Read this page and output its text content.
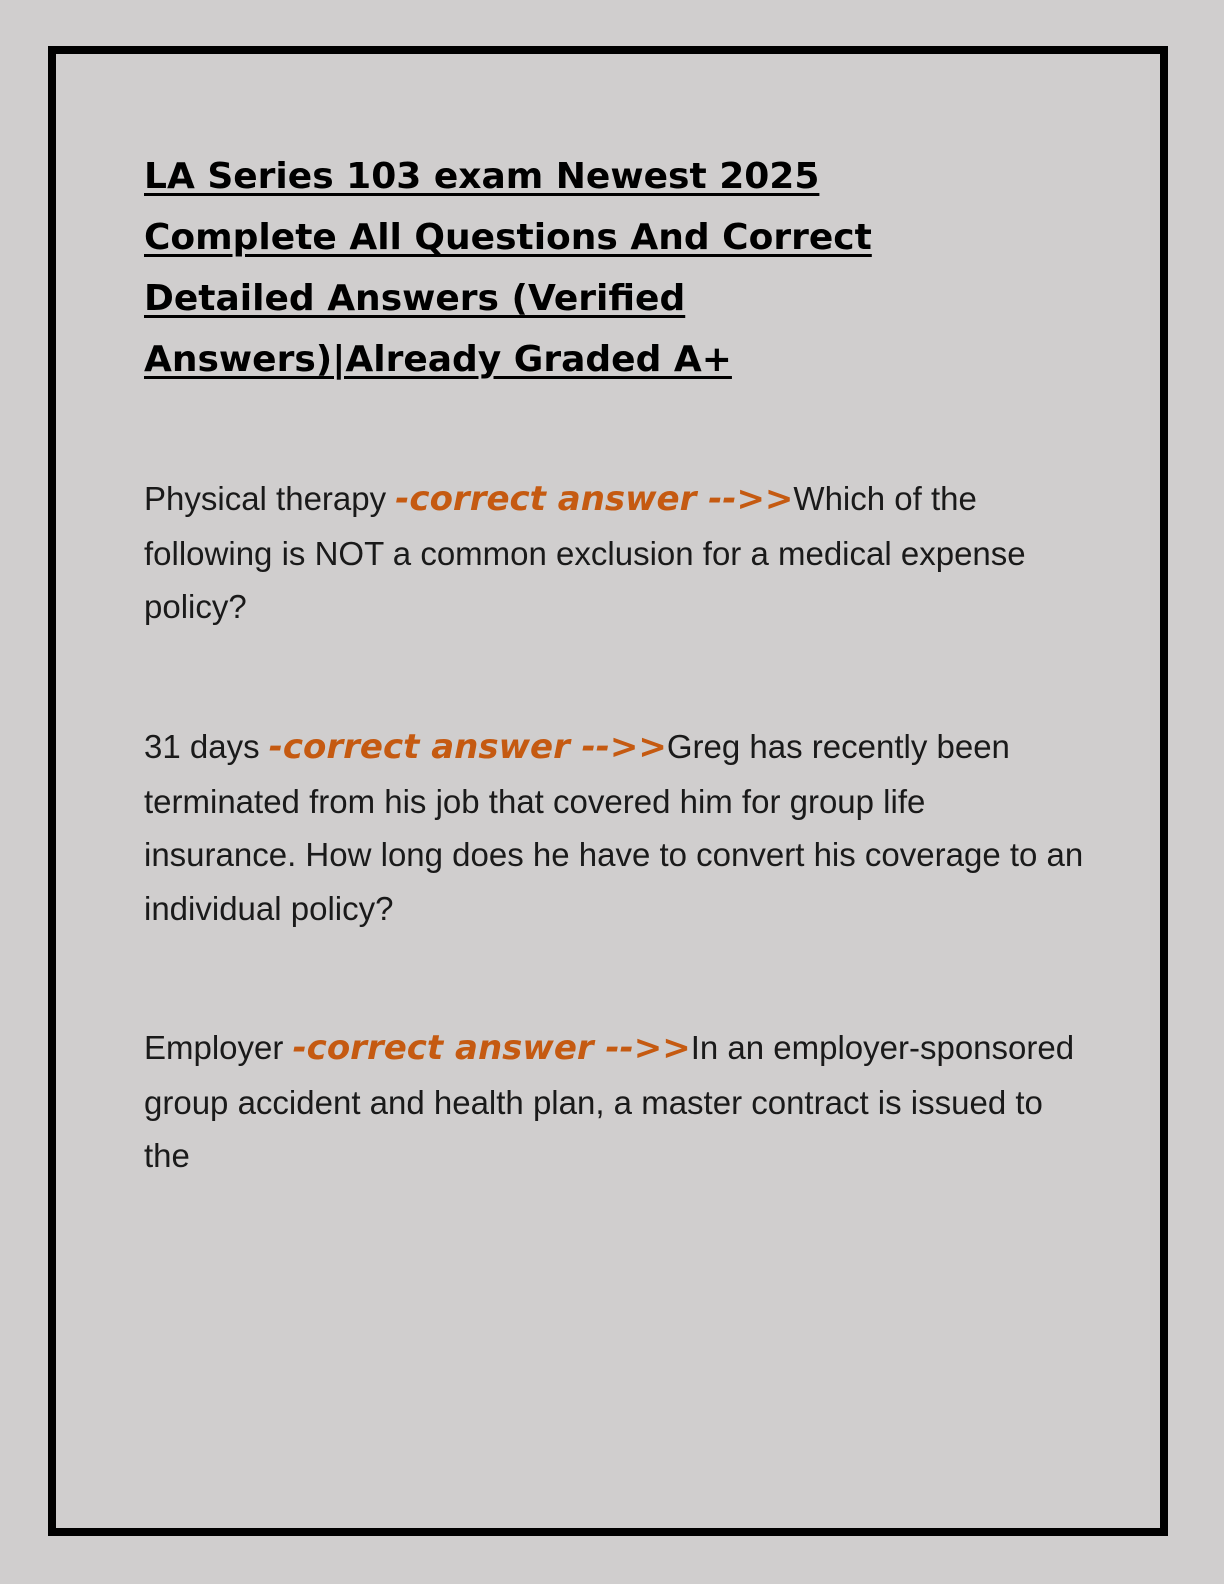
LA Series 103 exam Newest 2025
Complete All Questions And Correct
Detailed Answers (Verified
Answers)|Already Graded A+

Physical therapy -correct answer -->>Which of the following is NOT a common exclusion for a medical expense policy?

31 days -correct answer -->>Greg has recently been terminated from his job that covered him for group life insurance. How long does he have to convert his coverage to an individual policy?

Employer -correct answer -->>In an employer-sponsored group accident and health plan, a master contract is issued to the
